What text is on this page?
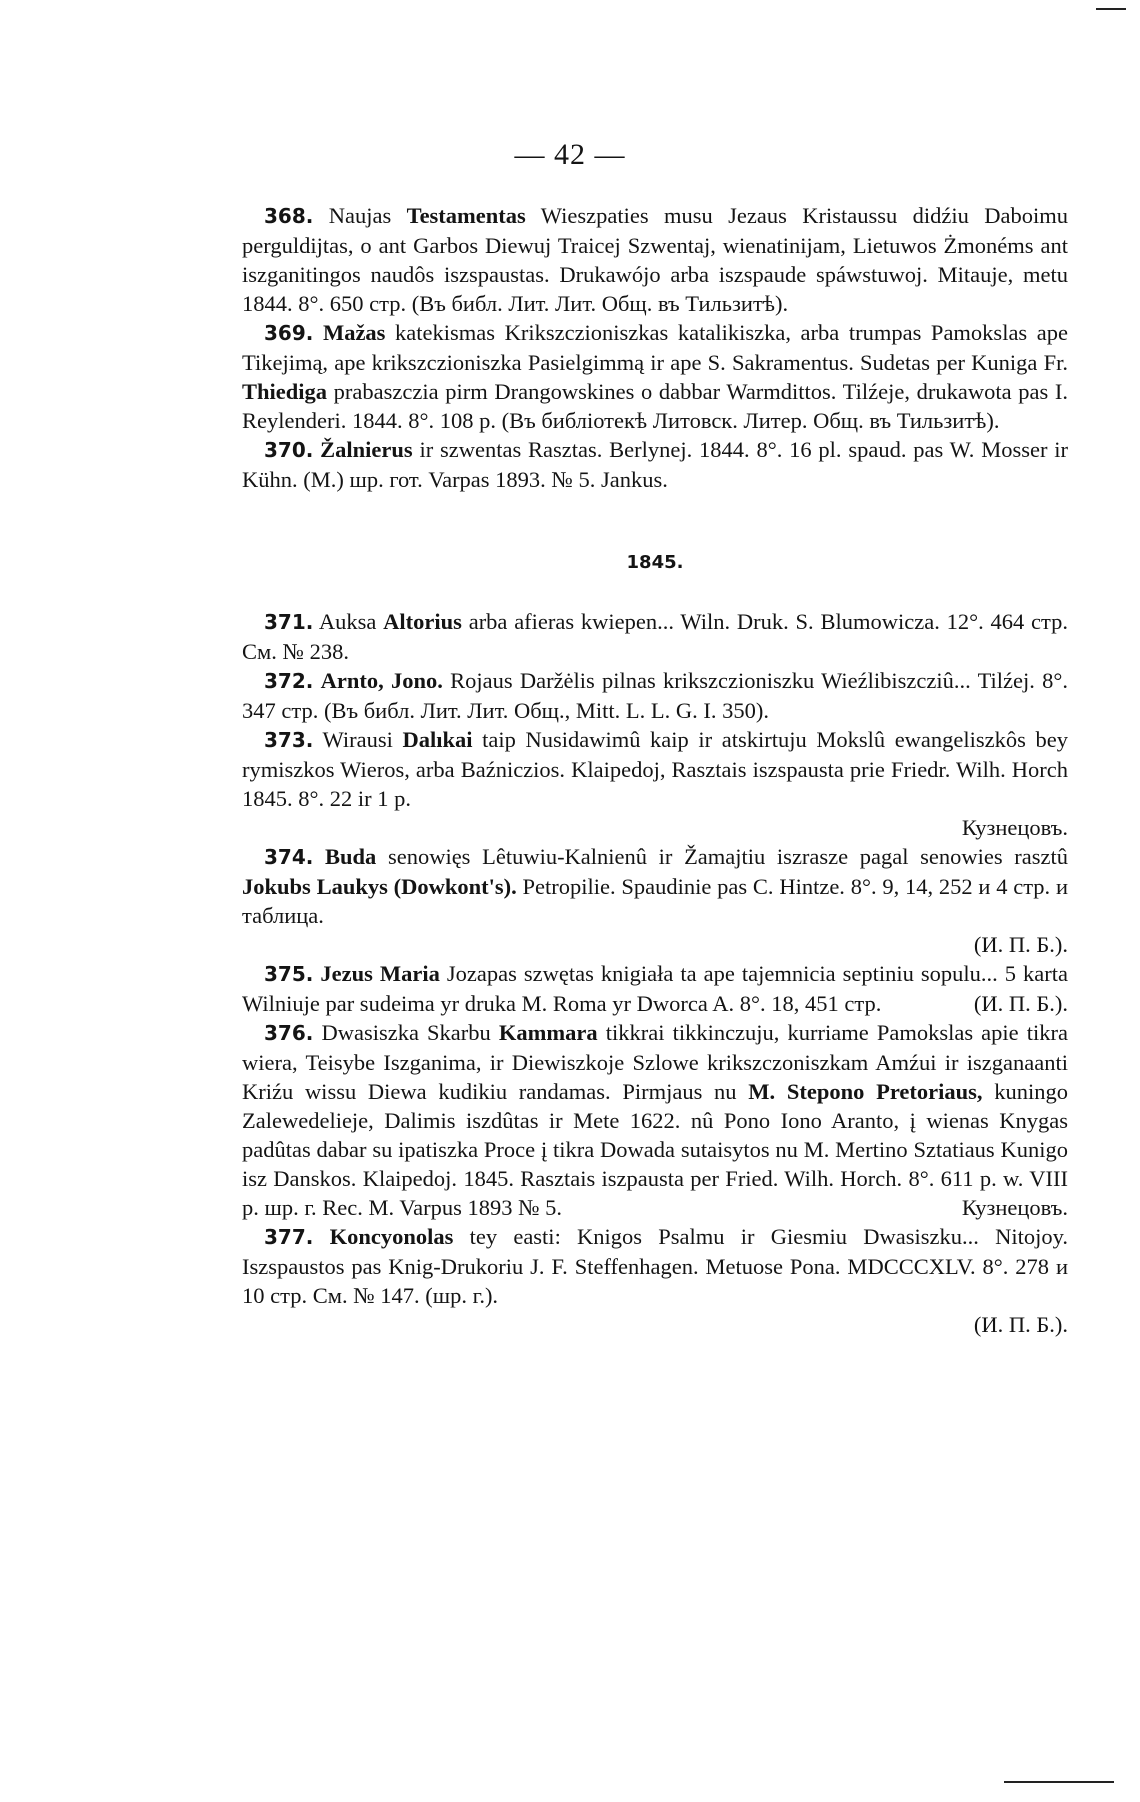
— 42 —
368. Naujas Testamentas Wieszpaties musu Jezaus Kristaussu didźiu Daboimu perguldijtas, o ant Garbos Diewuj Traicej Szwentaj, wienatinijam, Lietuwos Żmonéms ant iszganitingos naudôs iszspaustas. Drukawójo arba iszspaude spáwstuwoj. Mitauje, metu 1844. 8°. 650 стр. (Въ библ. Лит. Лит. Общ. въ Тильзитѣ).
369. Mažas katekismas Krikszczioniszkas katalikiszka, arba trumpas Pamokslas ape Tikejimą, ape krikszczioniszka Pasielgimmą ir ape S. Sakramentus. Sudetas per Kuniga Fr. Thiediga prabaszczia pirm Drangowskines o dabbar Warmdittos. Tilźeje, drukawota pas I. Reylenderi. 1844. 8°. 108 p. (Въ библіотекѣ Литовск. Литер. Общ. въ Тильзитѣ).
370. Žalnierus ir szwentas Rasztas. Berlynej. 1844. 8°. 16 pl. spaud. pas W. Mosser ir Kühn. (M.) шр. гот. Varpas 1893. № 5. Jankus.
1845.
371. Auksa Altorius arba afieras kwiepen... Wiln. Druk. S. Blumowicza. 12°. 464 стр. См. № 238.
372. Arnto, Jono. Rojaus Daržėlis pilnas krikszczioniszku Wieźlibiszcziû... Tilźej. 8°. 347 стр. (Въ библ. Лит. Лит. Общ., Mitt. L. L. G. I. 350).
373. Wirausi Dalıkai taip Nusidawimû kaip ir atskirtuju Mokslû ewangeliszkôs bey rymiszkos Wieros, arba Baźniczios. Klaipedoj, Rasztais iszspausta prie Friedr. Wilh. Horch 1845. 8°. 22 ir 1 p.
Кузнецовъ.
374. Buda senowięs Lêtuwiu-Kalnienû ir Žamajtiu iszrasze pagal senowies rasztû Jokubs Laukys (Dowkont's). Petropilie. Spaudinie pas C. Hintze. 8°. 9, 14, 252 и 4 стр. и таблица.
(И. П. Б.).
375. Jezus Maria Jozapas szwętas knigiała ta ape tajemnicia septiniu sopulu... 5 karta Wilniuje par sudeima yr druka M. Roma yr Dworca A. 8°. 18, 451 стр.	(И. П. Б.).
376. Dwasiszka Skarbu Kammara tikkrai tikkinczuju, kurriame Pamokslas apie tikra wiera, Teisybe Iszganima, ir Diewiszkoje Szlowe krikszczoniszkam Amźui ir iszganaanti Kriźu wissu Diewa kudikiu randamas. Pirmjaus nu M. Stepono Pretoriaus, kuningo Zalewedelieje, Dalimis iszdûtas ir Mete 1622. nû Pono Iono Aranto, į wienas Knygas padûtas dabar su ipatiszka Proce į tikra Dowada sutaisytos nu M. Mertino Sztatiaus Kunigo isz Danskos. Klaipedoj. 1845. Rasztais iszpausta per Fried. Wilh. Horch. 8°. 611 p. w. VIII p. шр. г. Rec. M. Varpus 1893 № 5.	Кузнецовъ.
377. Koncyonolas tey easti: Knigos Psalmu ir Giesmiu Dwasiszku... Nitojoy. Iszspaustos pas Knig-Drukoriu J. F. Steffenhagen. Metuose Pona. MDCCCXLV. 8°. 278 и 10 стр. См. № 147. (шр. г.).
(И. П. Б.).
